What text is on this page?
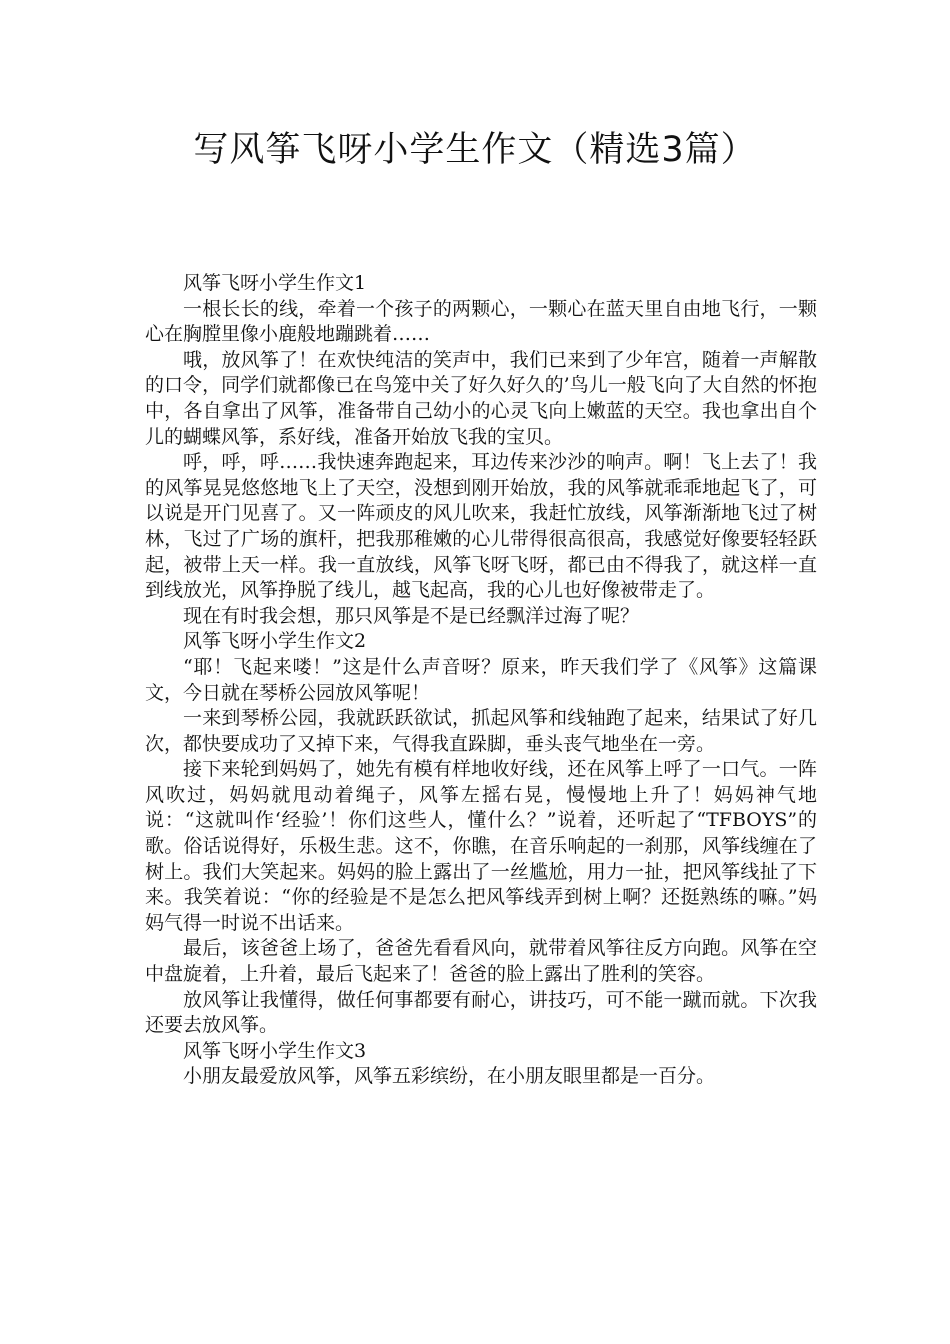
写风筝飞呀小学生作文（精选3篇）

风筝飞呀小学生作文1

一根长长的线，牵着一个孩子的两颗心，一颗心在蓝天里自由地飞行，一颗心在胸膛里像小鹿般地蹦跳着……

哦，放风筝了！在欢快纯洁的笑声中，我们已来到了少年宫，随着一声解散的口令，同学们就都像已在鸟笼中关了好久好久的’鸟儿一般飞向了大自然的怀抱中，各自拿出了风筝，准备带自己幼小的心灵飞向上嫩蓝的天空。我也拿出自个儿的蝴蝶风筝，系好线，准备开始放飞我的宝贝。

呼，呼，呼……我快速奔跑起来，耳边传来沙沙的响声。啊！飞上去了！我的风筝晃晃悠悠地飞上了天空，没想到刚开始放，我的风筝就乖乖地起飞了，可以说是开门见喜了。又一阵顽皮的风儿吹来，我赶忙放线，风筝渐渐地飞过了树林，飞过了广场的旗杆，把我那稚嫩的心儿带得很高很高，我感觉好像要轻轻跃起，被带上天一样。我一直放线，风筝飞呀飞呀，都已由不得我了，就这样一直到线放光，风筝挣脱了线儿，越飞起高，我的心儿也好像被带走了。

现在有时我会想，那只风筝是不是已经飘洋过海了呢？

风筝飞呀小学生作文2

“耶！飞起来喽！”这是什么声音呀？原来，昨天我们学了《风筝》这篇课文，今日就在琴桥公园放风筝呢！

一来到琴桥公园，我就跃跃欲试，抓起风筝和线轴跑了起来，结果试了好几次，都快要成功了又掉下来，气得我直跺脚，垂头丧气地坐在一旁。

接下来轮到妈妈了，她先有模有样地收好线，还在风筝上呼了一口气。一阵风吹过，妈妈就甩动着绳子，风筝左摇右晃，慢慢地上升了！妈妈神气地说：“这就叫作‘经验’！你们这些人，懂什么？”说着，还听起了“TFBOYS”的歌。俗话说得好，乐极生悲。这不，你瞧，在音乐响起的一刹那，风筝线缠在了树上。我们大笑起来。妈妈的脸上露出了一丝尴尬，用力一扯，把风筝线扯了下来。我笑着说：“你的经验是不是怎么把风筝线弄到树上啊？还挺熟练的嘛。”妈妈气得一时说不出话来。

最后，该爸爸上场了，爸爸先看看风向，就带着风筝往反方向跑。风筝在空中盘旋着，上升着，最后飞起来了！爸爸的脸上露出了胜利的笑容。

放风筝让我懂得，做任何事都要有耐心，讲技巧，可不能一蹴而就。下次我还要去放风筝。

风筝飞呀小学生作文3

小朋友最爱放风筝，风筝五彩缤纷，在小朋友眼里都是一百分。
